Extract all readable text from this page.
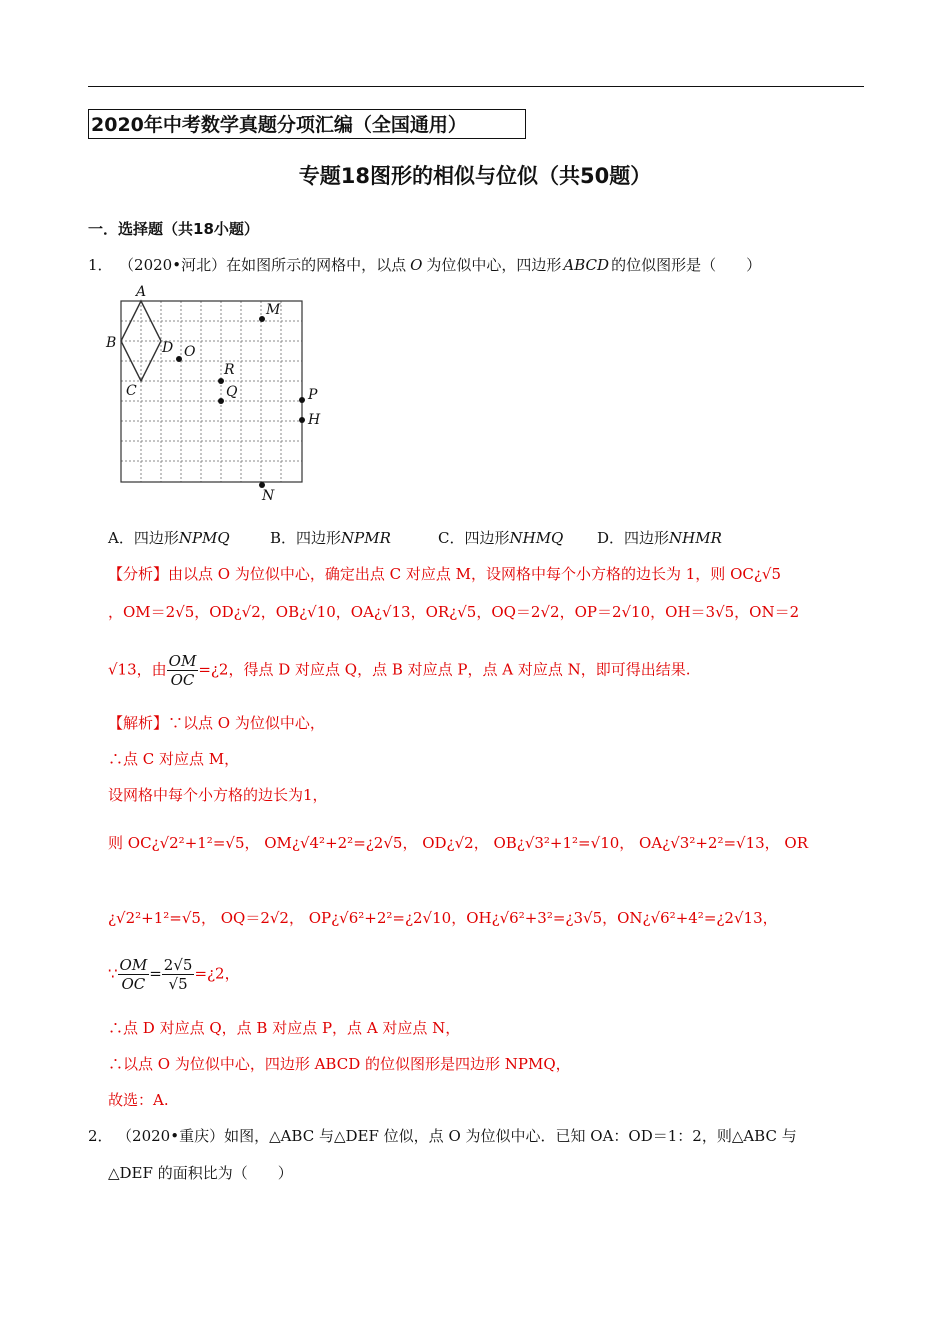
2020年中考数学真题分项汇编（全国通用）
专题18图形的相似与位似（共50题）
一．选择题（共18小题）
1． （2020•河北）在如图所示的网格中，以点 O 为位似中心，四边形 ABCD 的位似图形是（　　）
A
B
C
D O
M
R
Q	P
H
N
A．四边形NPMQ	B．四边形NPMR	C．四边形NHMQ D．四边形NHMR
【分析】由以点 O 为位似中心，确定出点 C 对应点 M，设网格中每个小方格的边长为 1，则 OC¿√5
，OM＝2√5，OD¿√2，OB¿√10，OA¿√13，OR¿√5，OQ＝2√2，OP＝2√10，OH＝3√5，ON＝2
√13，由 $\frac{OM}{OC}$ =¿2，得点 D 对应点 Q，点 B 对应点 P，点 A 对应点 N，即可得出结果.
【解析】∵以点 O 为位似中心，
∴点 C 对应点 M，
设网格中每个小方格的边长为1，
则 OC¿√2²+1²=√5， OM¿√4²+2²=¿2√5， OD¿√2， OB¿√3²+1²=√10， OA¿√3²+2²=√13， OR
¿√2²+1²=√5， OQ＝2√2， OP¿√6²+2²=¿2√10，OH¿√6²+3²=¿3√5，ON¿√6²+4²=¿2√13，
∵ $\frac{OM}{OC} = \frac{2√5}{√5}$ =¿2，
∴点 D 对应点 Q，点 B 对应点 P，点 A 对应点 N，
∴以点 O 为位似中心，四边形 ABCD 的位似图形是四边形 NPMQ，
故选：A.
2． （2020•重庆）如图，△ABC 与△DEF 位似，点 O 为位似中心．已知 OA：OD＝1：2，则△ABC 与
△DEF 的面积比为（　　）
